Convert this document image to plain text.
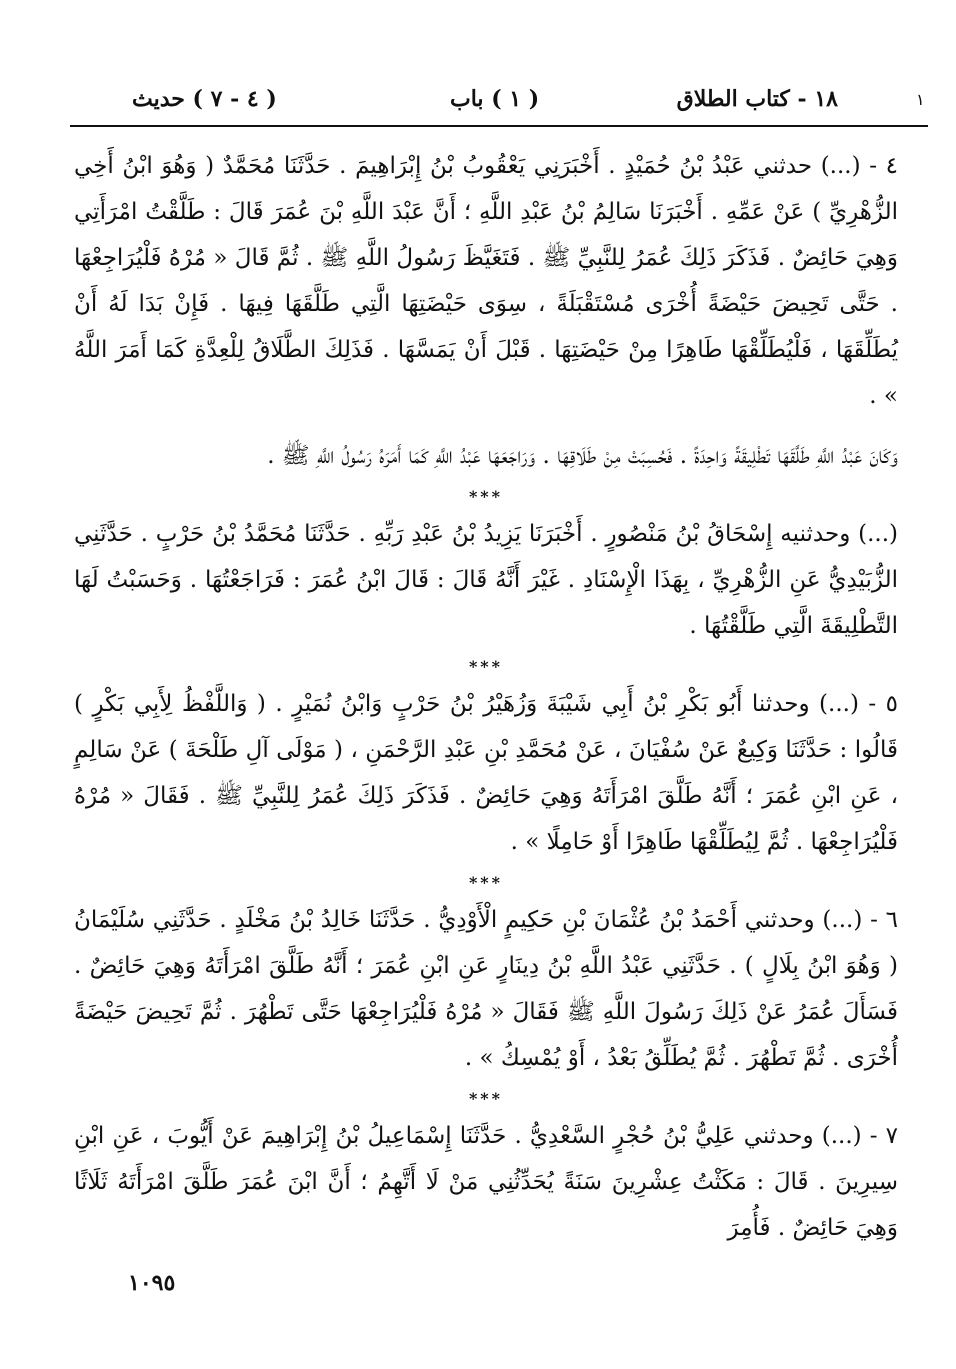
( ٤ - ٧ ) حديث	( ١ ) باب	١٨ - كتاب الطلاق	١

٤ - (...) حدثني عَبْدُ بْنُ حُمَيْدٍ . أَخْبَرَنِي يَعْقُوبُ بْنُ إِبْرَاهِيمَ . حَدَّثَنَا مُحَمَّدٌ ( وَهُوَ ابْنُ أَخِي الزُّهْرِيِّ ) عَنْ عَمِّهِ . أَخْبَرَنَا سَالِمُ بْنُ عَبْدِ اللَّهِ ؛ أَنَّ عَبْدَ اللَّهِ بْنَ عُمَرَ قَالَ : طَلَّقْتُ امْرَأَتِي وَهِيَ حَائِضٌ . فَذَكَرَ ذَلِكَ عُمَرُ لِلنَّبِيِّ ﷺ . فَتَغَيَّظَ رَسُولُ اللَّهِ ﷺ . ثُمَّ قَالَ « مُرْهُ فَلْيُرَاجِعْهَا . حَتَّى تَحِيضَ حَيْضَةً أُخْرَى مُسْتَقْبَلَةً ، سِوَى حَيْضَتِهَا الَّتِي طَلَّقَهَا فِيهَا . فَإِنْ بَدَا لَهُ أَنْ يُطَلِّقَهَا ، فَلْيُطَلِّقْهَا طَاهِرًا مِنْ حَيْضَتِهَا . قَبْلَ أَنْ يَمَسَّهَا . فَذَلِكَ الطَّلَاقُ لِلْعِدَّةِ كَمَا أَمَرَ اللَّهُ » .

وَكَانَ عَبْدُ اللَّهِ طَلَّقَهَا تَطْلِيقَةً وَاحِدَةً . فَحُسِبَتْ مِنْ طَلَاقِهَا . وَرَاجَعَهَا عَبْدُ اللَّهِ كَمَا أَمَرَهُ رَسُولُ اللَّهِ ﷺ .

***

(...) وحدثنيه إِسْحَاقُ بْنُ مَنْصُورٍ . أَخْبَرَنَا يَزِيدُ بْنُ عَبْدِ رَبِّهِ . حَدَّثَنَا مُحَمَّدُ بْنُ حَرْبٍ . حَدَّثَنِي الزُّبَيْدِيُّ عَنِ الزُّهْرِيِّ ، بِهَذَا الْإِسْنَادِ . غَيْرَ أَنَّهُ قَالَ : قَالَ ابْنُ عُمَرَ : فَرَاجَعْتُهَا . وَحَسَبْتُ لَهَا التَّطْلِيقَةَ الَّتِي طَلَّقْتُهَا .

***

٥ - (...) وحدثنا أَبُو بَكْرِ بْنُ أَبِي شَيْبَةَ وَزُهَيْرُ بْنُ حَرْبٍ وَابْنُ نُمَيْرٍ . ( وَاللَّفْظُ لِأَبِي بَكْرٍ ) قَالُوا : حَدَّثَنَا وَكِيعٌ عَنْ سُفْيَانَ ، عَنْ مُحَمَّدِ بْنِ عَبْدِ الرَّحْمَنِ ، ( مَوْلَى آلِ طَلْحَةَ ) عَنْ سَالِمٍ ، عَنِ ابْنِ عُمَرَ ؛ أَنَّهُ طَلَّقَ امْرَأَتَهُ وَهِيَ حَائِضٌ . فَذَكَرَ ذَلِكَ عُمَرُ لِلنَّبِيِّ ﷺ . فَقَالَ « مُرْهُ فَلْيُرَاجِعْهَا . ثُمَّ لِيُطَلِّقْهَا طَاهِرًا أَوْ حَامِلًا » .

***

٦ - (...) وحدثني أَحْمَدُ بْنُ عُثْمَانَ بْنِ حَكِيمٍ الْأَوْدِيُّ . حَدَّثَنَا خَالِدُ بْنُ مَخْلَدٍ . حَدَّثَنِي سُلَيْمَانُ ( وَهُوَ ابْنُ بِلَالٍ ) . حَدَّثَنِي عَبْدُ اللَّهِ بْنُ دِينَارٍ عَنِ ابْنِ عُمَرَ ؛ أَنَّهُ طَلَّقَ امْرَأَتَهُ وَهِيَ حَائِضٌ . فَسَأَلَ عُمَرُ عَنْ ذَلِكَ رَسُولَ اللَّهِ ﷺ فَقَالَ « مُرْهُ فَلْيُرَاجِعْهَا حَتَّى تَطْهُرَ . ثُمَّ تَحِيضَ حَيْضَةً أُخْرَى . ثُمَّ تَطْهُرَ . ثُمَّ يُطَلِّقُ بَعْدُ ، أَوْ يُمْسِكُ » .

***

٧ - (...) وحدثني عَلِيُّ بْنُ حُجْرٍ السَّعْدِيُّ . حَدَّثَنَا إِسْمَاعِيلُ بْنُ إِبْرَاهِيمَ عَنْ أَيُّوبَ ، عَنِ ابْنِ سِيرِينَ . قَالَ : مَكَثْتُ عِشْرِينَ سَنَةً يُحَدِّثُنِي مَنْ لَا أَتَّهِمُ ؛ أَنَّ ابْنَ عُمَرَ طَلَّقَ امْرَأَتَهُ ثَلَاثًا وَهِيَ حَائِضٌ . فَأُمِرَ

١٠٩٥
